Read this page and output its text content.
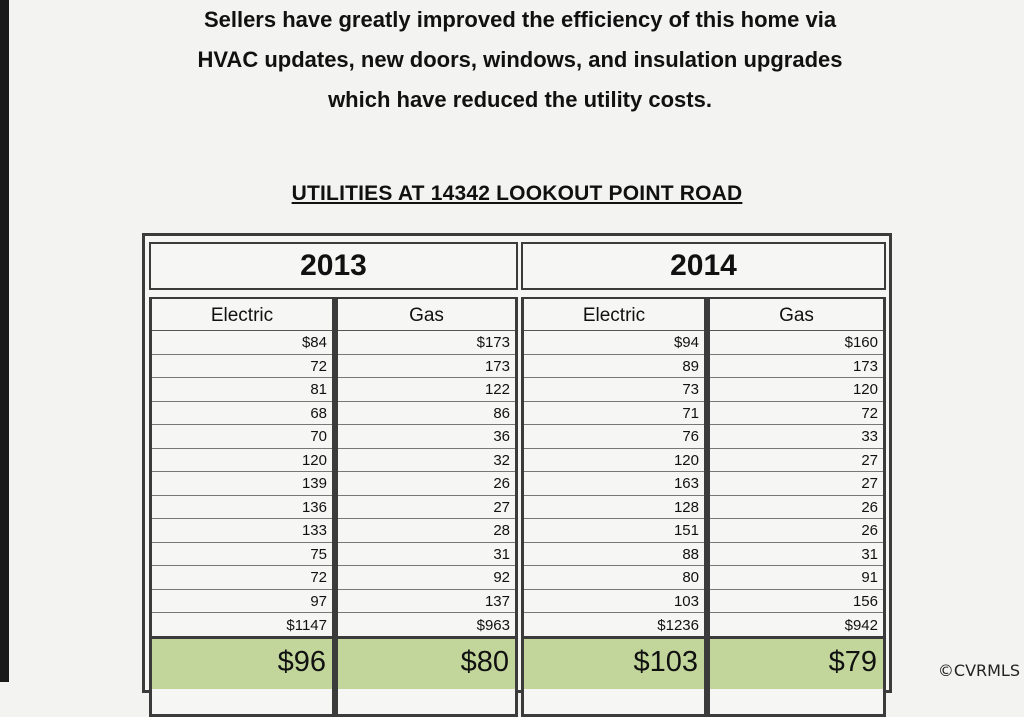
Sellers have greatly improved the efficiency of this home via
HVAC updates, new doors, windows, and insulation upgrades
which have reduced the utility costs.
UTILITIES AT 14342 LOOKOUT POINT ROAD
2013	2014
Electric
$84
72
81
68
70
120
139
136
133
75
72
97
$1147
$96
Gas
$173
173
122
86
36
32
26
27
28
31
92
137
$963
$80
Electric
$94
89
73
71
76
120
163
128
151
88
80
103
$1236
$103
Gas
$160
173
120
72
33
27
27
26
26
31
91
156
$942
$79	©CVRMLS
